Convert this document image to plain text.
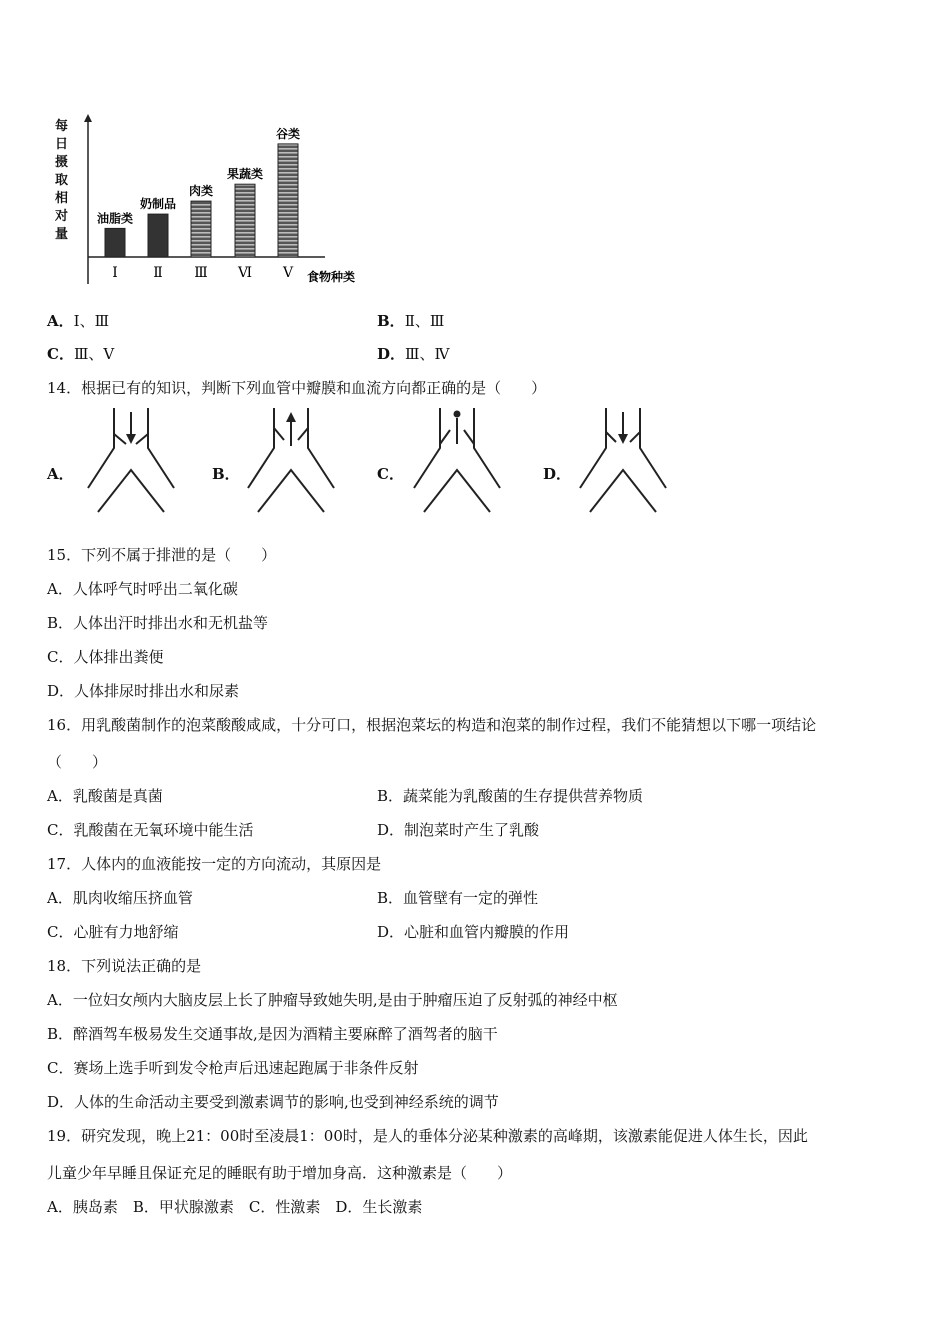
每日摄取相对量
油脂类
Ⅰ
奶制品
Ⅱ
肉类
Ⅲ
果蔬类
Ⅵ
谷类
Ⅴ 食物种类
A．Ⅰ、Ⅲ	B．Ⅱ、Ⅲ
C．Ⅲ、Ⅴ	D．Ⅲ、Ⅳ
14．根据已有的知识，判断下列血管中瓣膜和血流方向都正确的是（　　）
A．	B．	C．	D．
15．下列不属于排泄的是（　　）
A．人体呼气时呼出二氧化碳
B．人体出汗时排出水和无机盐等
C．人体排出粪便
D．人体排尿时排出水和尿素
16．用乳酸菌制作的泡菜酸酸咸咸，十分可口，根据泡菜坛的构造和泡菜的制作过程，我们不能猜想以下哪一项结论
（　　）
A．乳酸菌是真菌	B．蔬菜能为乳酸菌的生存提供营养物质
C．乳酸菌在无氧环境中能生活	D．制泡菜时产生了乳酸
17．人体内的血液能按一定的方向流动，其原因是
A．肌肉收缩压挤血管	B．血管壁有一定的弹性
C．心脏有力地舒缩	D．心脏和血管内瓣膜的作用
18．下列说法正确的是
A．一位妇女颅内大脑皮层上长了肿瘤导致她失明,是由于肿瘤压迫了反射弧的神经中枢
B．醉酒驾车极易发生交通事故,是因为酒精主要麻醉了酒驾者的脑干
C．赛场上选手听到发令枪声后迅速起跑属于非条件反射
D．人体的生命活动主要受到激素调节的影响,也受到神经系统的调节
19．研究发现，晚上21：00时至凌晨1：00时，是人的垂体分泌某种激素的高峰期，该激素能促进人体生长，因此
儿童少年早睡且保证充足的睡眠有助于增加身高．这种激素是（　　）
A．胰岛素　B．甲状腺激素　C．性激素　D．生长激素
